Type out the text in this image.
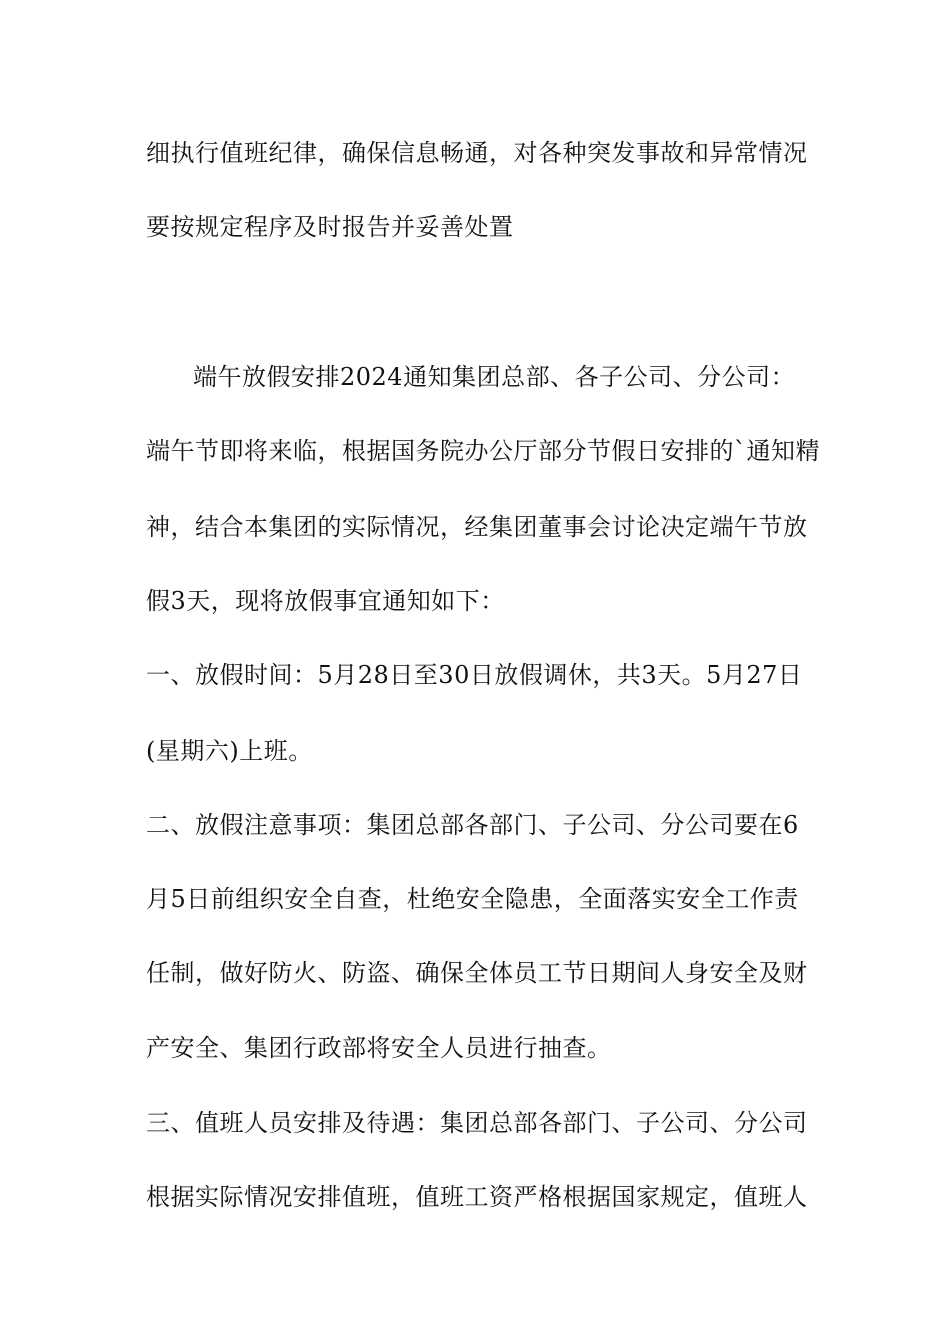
细执行值班纪律，确保信息畅通，对各种突发事故和异常情况
要按规定程序及时报告并妥善处置
端午放假安排2024通知集团总部、各子公司、分公司：
端午节即将来临，根据国务院办公厅部分节假日安排的`通知精
神，结合本集团的实际情况，经集团董事会讨论决定端午节放
假3天，现将放假事宜通知如下：
一、放假时间：5月28日至30日放假调休，共3天。5月27日
(星期六)上班。
二、放假注意事项：集团总部各部门、子公司、分公司要在6
月5日前组织安全自查，杜绝安全隐患，全面落实安全工作责
任制，做好防火、防盗、确保全体员工节日期间人身安全及财
产安全、集团行政部将安全人员进行抽查。
三、值班人员安排及待遇：集团总部各部门、子公司、分公司
根据实际情况安排值班，值班工资严格根据国家规定，值班人
